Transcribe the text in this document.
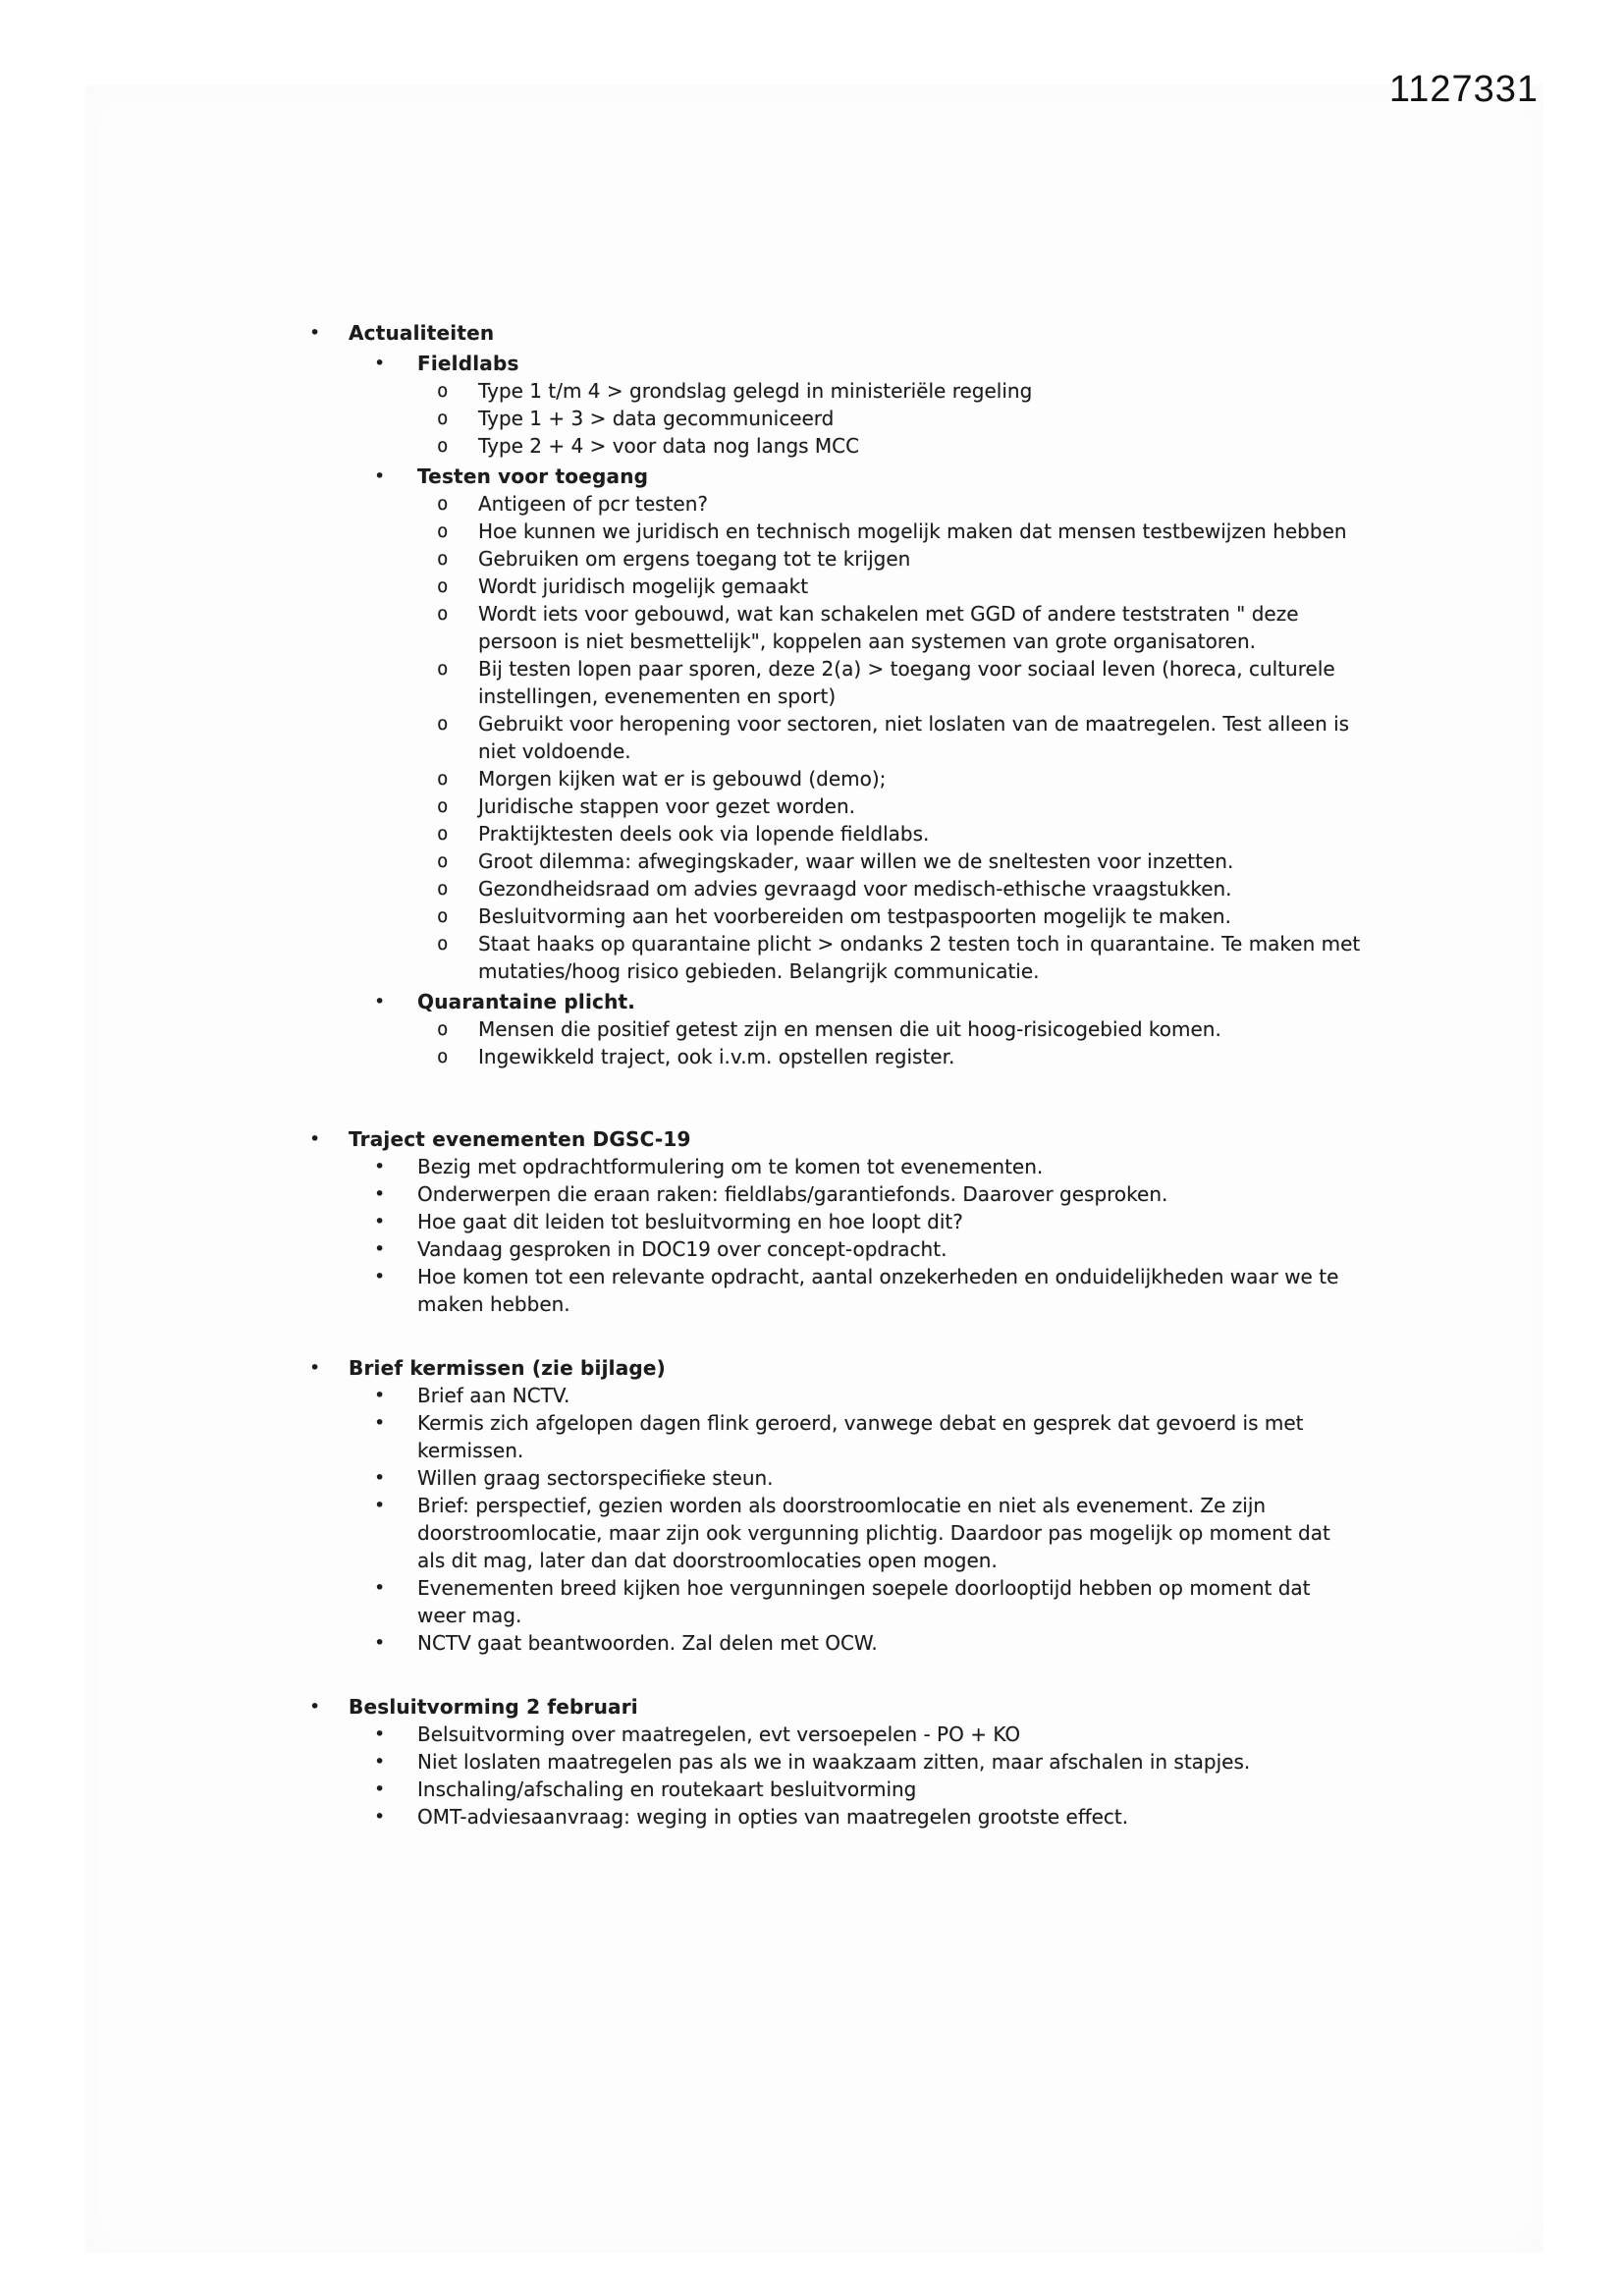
1127331
•	Actualiteiten
•	Fieldlabs
o	Type 1 t/m 4 > grondslag gelegd in ministeriële regeling
o	Type 1 + 3 > data gecommuniceerd
o	Type 2 + 4 > voor data nog langs MCC
•	Testen voor toegang
o	Antigeen of pcr testen?
o	Hoe kunnen we juridisch en technisch mogelijk maken dat mensen testbewijzen hebben
o	Gebruiken om ergens toegang tot te krijgen
o	Wordt juridisch mogelijk gemaakt
o	Wordt iets voor gebouwd, wat kan schakelen met GGD of andere teststraten " deze persoon is niet besmettelijk", koppelen aan systemen van grote organisatoren.
o	Bij testen lopen paar sporen, deze 2(a) > toegang voor sociaal leven (horeca, culturele instellingen, evenementen en sport)
o	Gebruikt voor heropening voor sectoren, niet loslaten van de maatregelen. Test alleen is niet voldoende.
o	Morgen kijken wat er is gebouwd (demo);
o	Juridische stappen voor gezet worden.
o	Praktijktesten deels ook via lopende fieldlabs.
o	Groot dilemma: afwegingskader, waar willen we de sneltesten voor inzetten.
o	Gezondheidsraad om advies gevraagd voor medisch-ethische vraagstukken.
o	Besluitvorming aan het voorbereiden om testpaspoorten mogelijk te maken.
o	Staat haaks op quarantaine plicht > ondanks 2 testen toch in quarantaine. Te maken met mutaties/hoog risico gebieden. Belangrijk communicatie.
•	Quarantaine plicht.
o	Mensen die positief getest zijn en mensen die uit hoog-risicogebied komen.
o	Ingewikkeld traject, ook i.v.m. opstellen register.
•	Traject evenementen DGSC-19
•	Bezig met opdrachtformulering om te komen tot evenementen.
•	Onderwerpen die eraan raken: fieldlabs/garantiefonds. Daarover gesproken.
•	Hoe gaat dit leiden tot besluitvorming en hoe loopt dit?
•	Vandaag gesproken in DOC19 over concept-opdracht.
•	Hoe komen tot een relevante opdracht, aantal onzekerheden en onduidelijkheden waar we te maken hebben.
•	Brief kermissen (zie bijlage)
•	Brief aan NCTV.
•	Kermis zich afgelopen dagen flink geroerd, vanwege debat en gesprek dat gevoerd is met kermissen.
•	Willen graag sectorspecifieke steun.
•	Brief: perspectief, gezien worden als doorstroomlocatie en niet als evenement. Ze zijn doorstroomlocatie, maar zijn ook vergunning plichtig. Daardoor pas mogelijk op moment dat als dit mag, later dan dat doorstroomlocaties open mogen.
•	Evenementen breed kijken hoe vergunningen soepele doorlooptijd hebben op moment dat weer mag.
•	NCTV gaat beantwoorden. Zal delen met OCW.
•	Besluitvorming 2 februari
•	Belsuitvorming over maatregelen, evt versoepelen - PO + KO
•	Niet loslaten maatregelen pas als we in waakzaam zitten, maar afschalen in stapjes.
•	Inschaling/afschaling en routekaart besluitvorming
•	OMT-adviesaanvraag: weging in opties van maatregelen grootste effect.
